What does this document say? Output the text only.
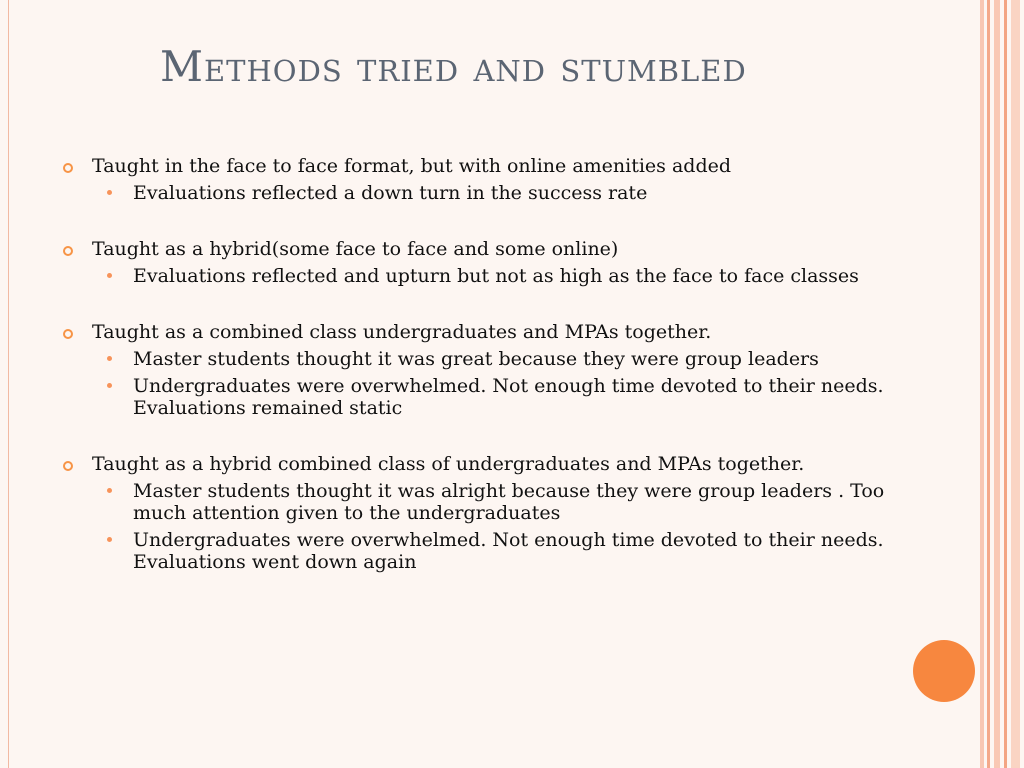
Methods tried and stumbled
Taught in the face to face format, but with online amenities added
Evaluations reflected a down turn in the success rate
Taught as a hybrid(some face to face and some online)
Evaluations reflected and upturn but not as high as the face to face classes
Taught as a combined class undergraduates and MPAs together.
Master students thought it was great because they were group leaders
Undergraduates were overwhelmed. Not enough time devoted to their needs. Evaluations remained static
Taught as a hybrid combined class of undergraduates and MPAs together.
Master students thought it was alright because they were group leaders . Too much attention given to the undergraduates
Undergraduates were overwhelmed. Not enough time devoted to their needs. Evaluations went down again
